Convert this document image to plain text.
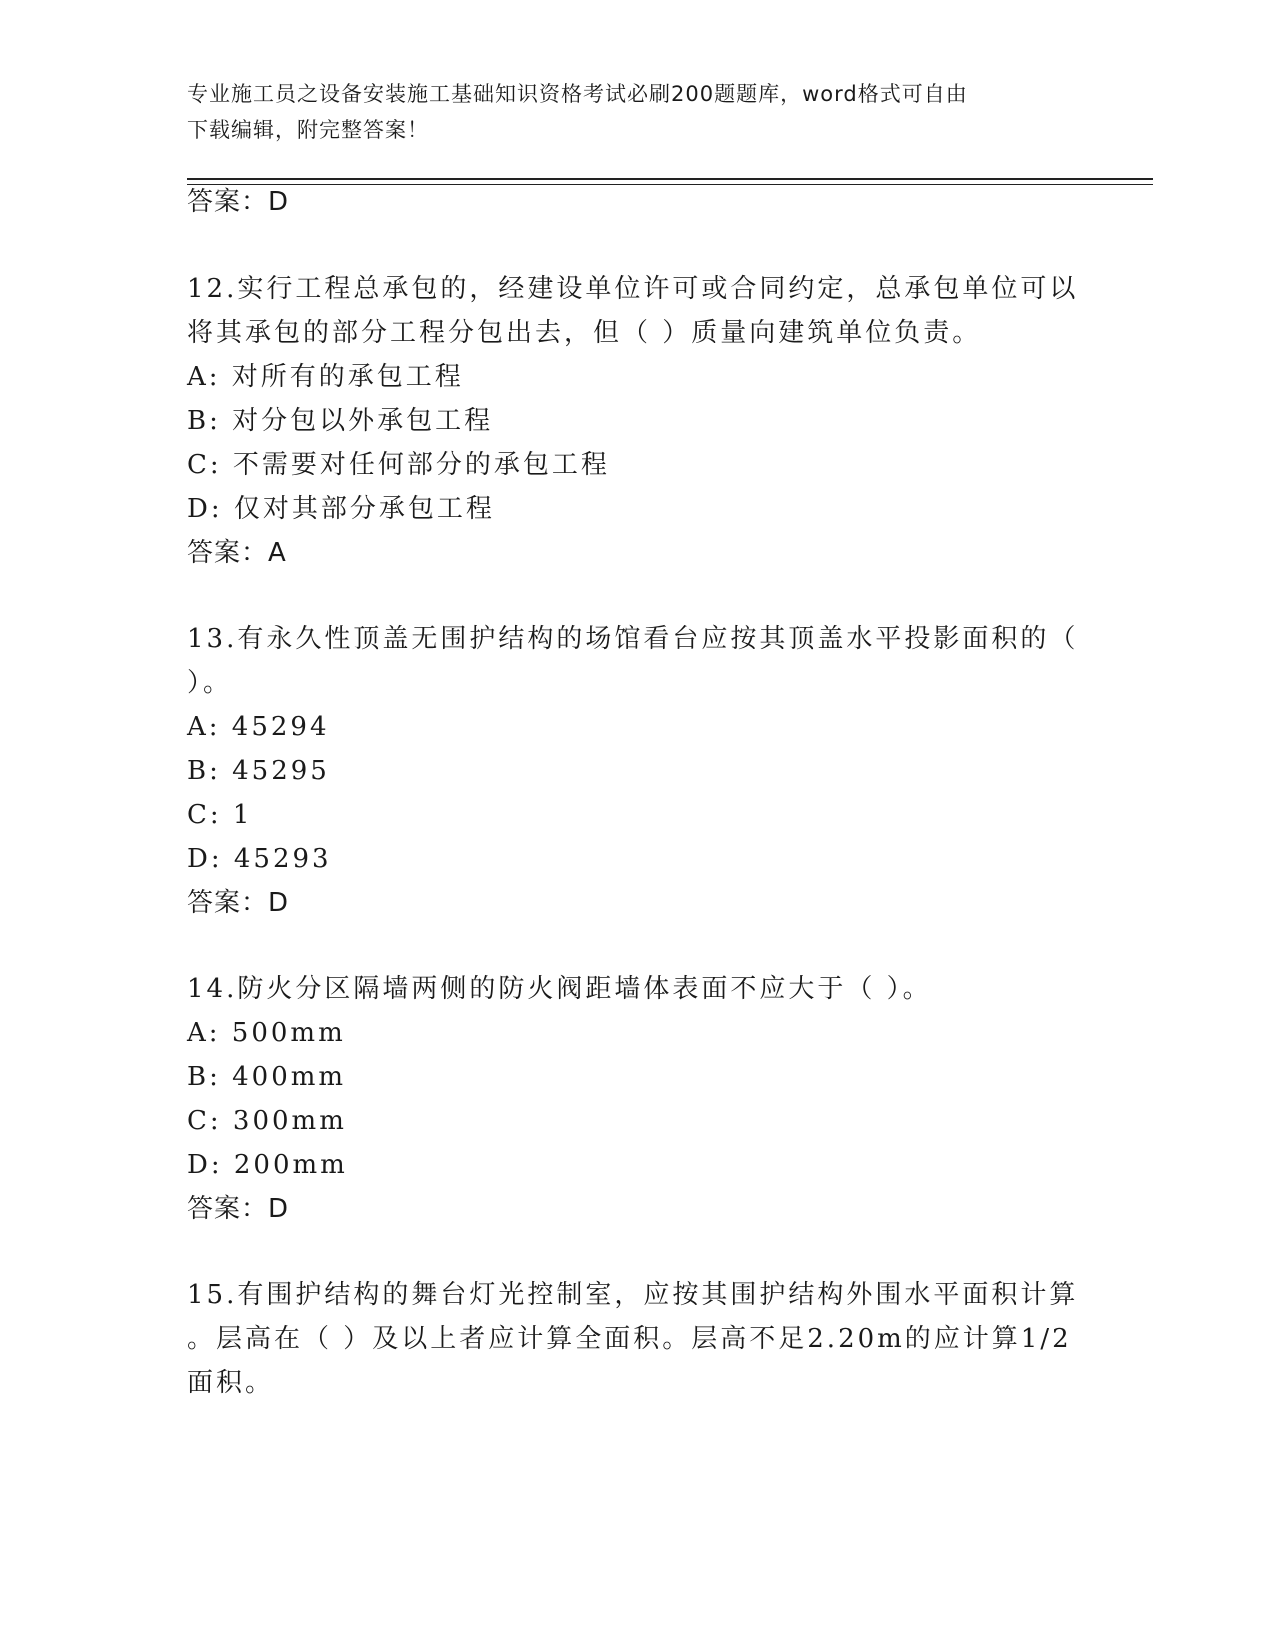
专业施工员之设备安装施工基础知识资格考试必刷200题题库，word格式可自由
下载编辑，附完整答案！
答案：D
12.实行工程总承包的，经建设单位许可或合同约定，总承包单位可以
将其承包的部分工程分包出去，但（ ）质量向建筑单位负责。
A: 对所有的承包工程
B: 对分包以外承包工程
C: 不需要对任何部分的承包工程
D: 仅对其部分承包工程
答案：A
13.有永久性顶盖无围护结构的场馆看台应按其顶盖水平投影面积的（
）。
A: 45294
B: 45295
C: 1
D: 45293
答案：D
14.防火分区隔墙两侧的防火阀距墙体表面不应大于（ ）。
A: 500mm
B: 400mm
C: 300mm
D: 200mm
答案：D
15.有围护结构的舞台灯光控制室，应按其围护结构外围水平面积计算
。层高在（ ）及以上者应计算全面积。层高不足2.20m的应计算1/2
面积。
